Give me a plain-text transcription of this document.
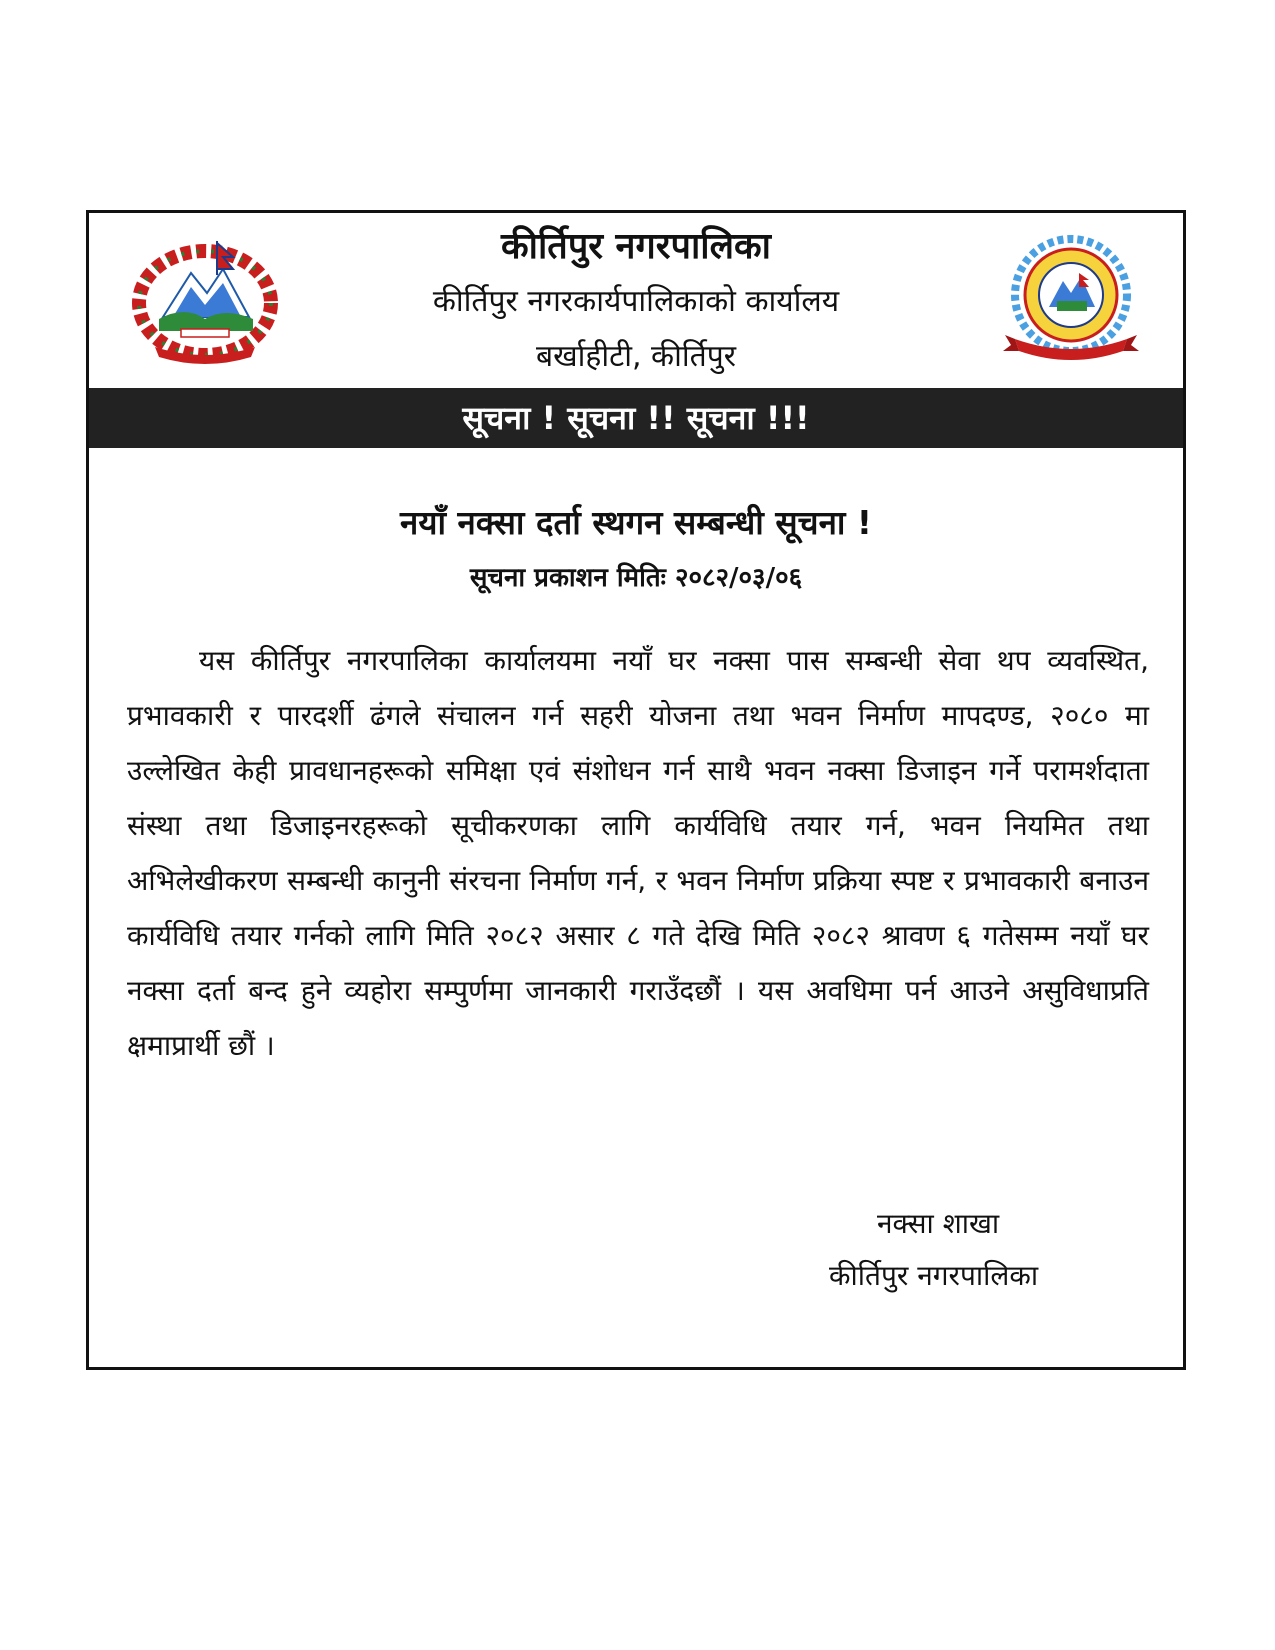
कीर्तिपुर नगरपालिका

कीर्तिपुर नगरकार्यपालिकाको कार्यालय

बर्खाहीटी, कीर्तिपुर

सूचना ! सूचना !! सूचना !!!
नयाँ नक्सा दर्ता स्थगन सम्बन्धी सूचना !
सूचना प्रकाशन मितिः २०८२/०३/०६

यस कीर्तिपुर नगरपालिका कार्यालयमा नयाँ घर नक्सा पास सम्बन्धी सेवा थप व्यवस्थित, प्रभावकारी र पारदर्शी ढंगले संचालन गर्न सहरी योजना तथा भवन निर्माण मापदण्ड, २०८० मा उल्लेखित केही प्रावधानहरूको समिक्षा एवं संशोधन गर्न साथै भवन नक्सा डिजाइन गर्ने परामर्शदाता संस्था तथा डिजाइनरहरूको सूचीकरणका लागि कार्यविधि तयार गर्न, भवन नियमित तथा अभिलेखीकरण सम्बन्धी कानुनी संरचना निर्माण गर्न, र भवन निर्माण प्रक्रिया स्पष्ट र प्रभावकारी बनाउन कार्यविधि तयार गर्नको लागि मिति २०८२ असार ८ गते देखि मिति २०८२ श्रावण ६ गतेसम्म नयाँ घर नक्सा दर्ता बन्द हुने व्यहोरा सम्पुर्णमा जानकारी गराउँदछौं । यस अवधिमा पर्न आउने असुविधाप्रति क्षमाप्रार्थी छौं ।

नक्सा शाखा
कीर्तिपुर नगरपालिका
